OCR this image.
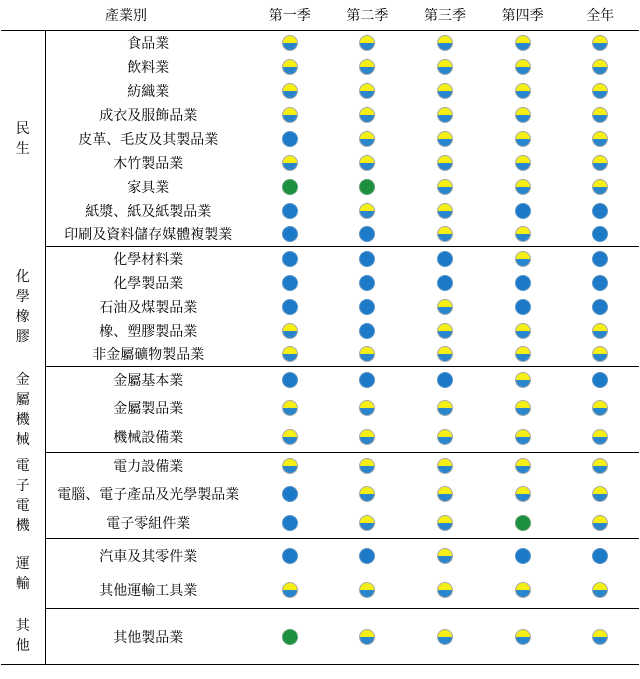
產業別		第一季	第二季	第三季	第四季	全年

民
生	食品業					
	飲料業					
	紡織業					
	成衣及服飾品業					
	皮革、毛皮及其製品業					
	木竹製品業					
	家具業					
	紙漿、紙及紙製品業					
	印刷及資料儲存媒體複製業					

化
學
橡
膠	化學材料業					
	化學製品業					
	石油及煤製品業					
	橡、塑膠製品業					
	非金屬礦物製品業					

金
屬
機
械	金屬基本業					
	金屬製品業					
	機械設備業					

電
子
電
機	電力設備業					
	電腦、電子產品及光學製品業					
	電子零組件業					

運
輸	汽車及其零件業					
	其他運輸工具業					

其
他	其他製品業					
